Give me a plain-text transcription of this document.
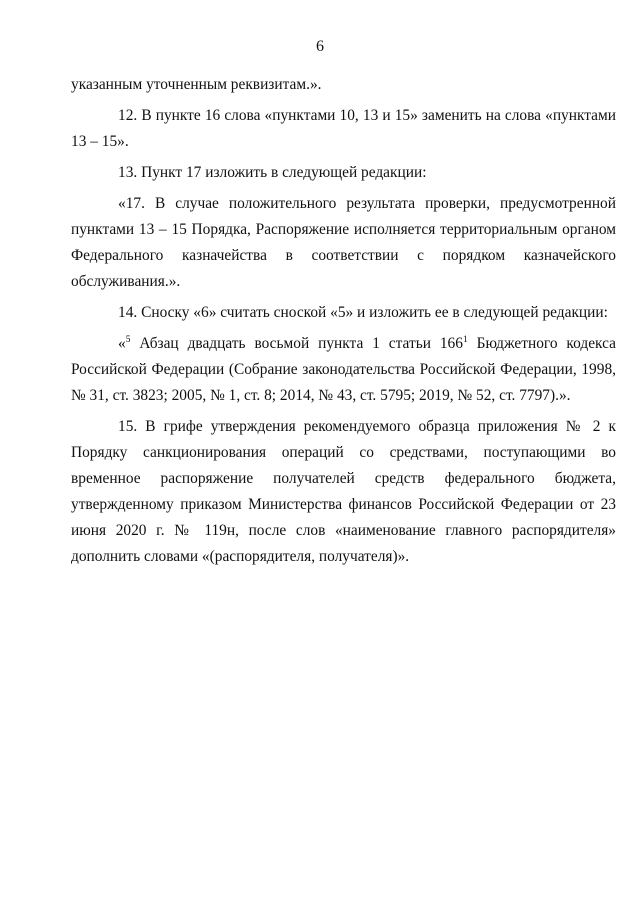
6

указанным уточненным реквизитам.».

12. В пункте 16 слова «пунктами 10, 13 и 15» заменить на слова «пунктами 13 – 15».

13. Пункт 17 изложить в следующей редакции:

«17. В случае положительного результата проверки, предусмотренной пунктами 13 – 15 Порядка, Распоряжение исполняется территориальным органом Федерального казначейства в соответствии с порядком казначейского обслуживания.».

14. Сноску «6» считать сноской «5» и изложить ее в следующей редакции:

«$^5$ Абзац двадцать восьмой пункта 1 статьи $166^1$ Бюджетного кодекса Российской Федерации (Собрание законодательства Российской Федерации, 1998, № 31, ст. 3823; 2005, № 1, ст. 8; 2014, № 43, ст. 5795; 2019, № 52, ст. 7797).».

15. В грифе утверждения рекомендуемого образца приложения № 2 к Порядку санкционирования операций со средствами, поступающими во временное распоряжение получателей средств федерального бюджета, утвержденному приказом Министерства финансов Российской Федерации от 23 июня 2020 г. № 119н, после слов «наименование главного распорядителя» дополнить словами «(распорядителя, получателя)».
